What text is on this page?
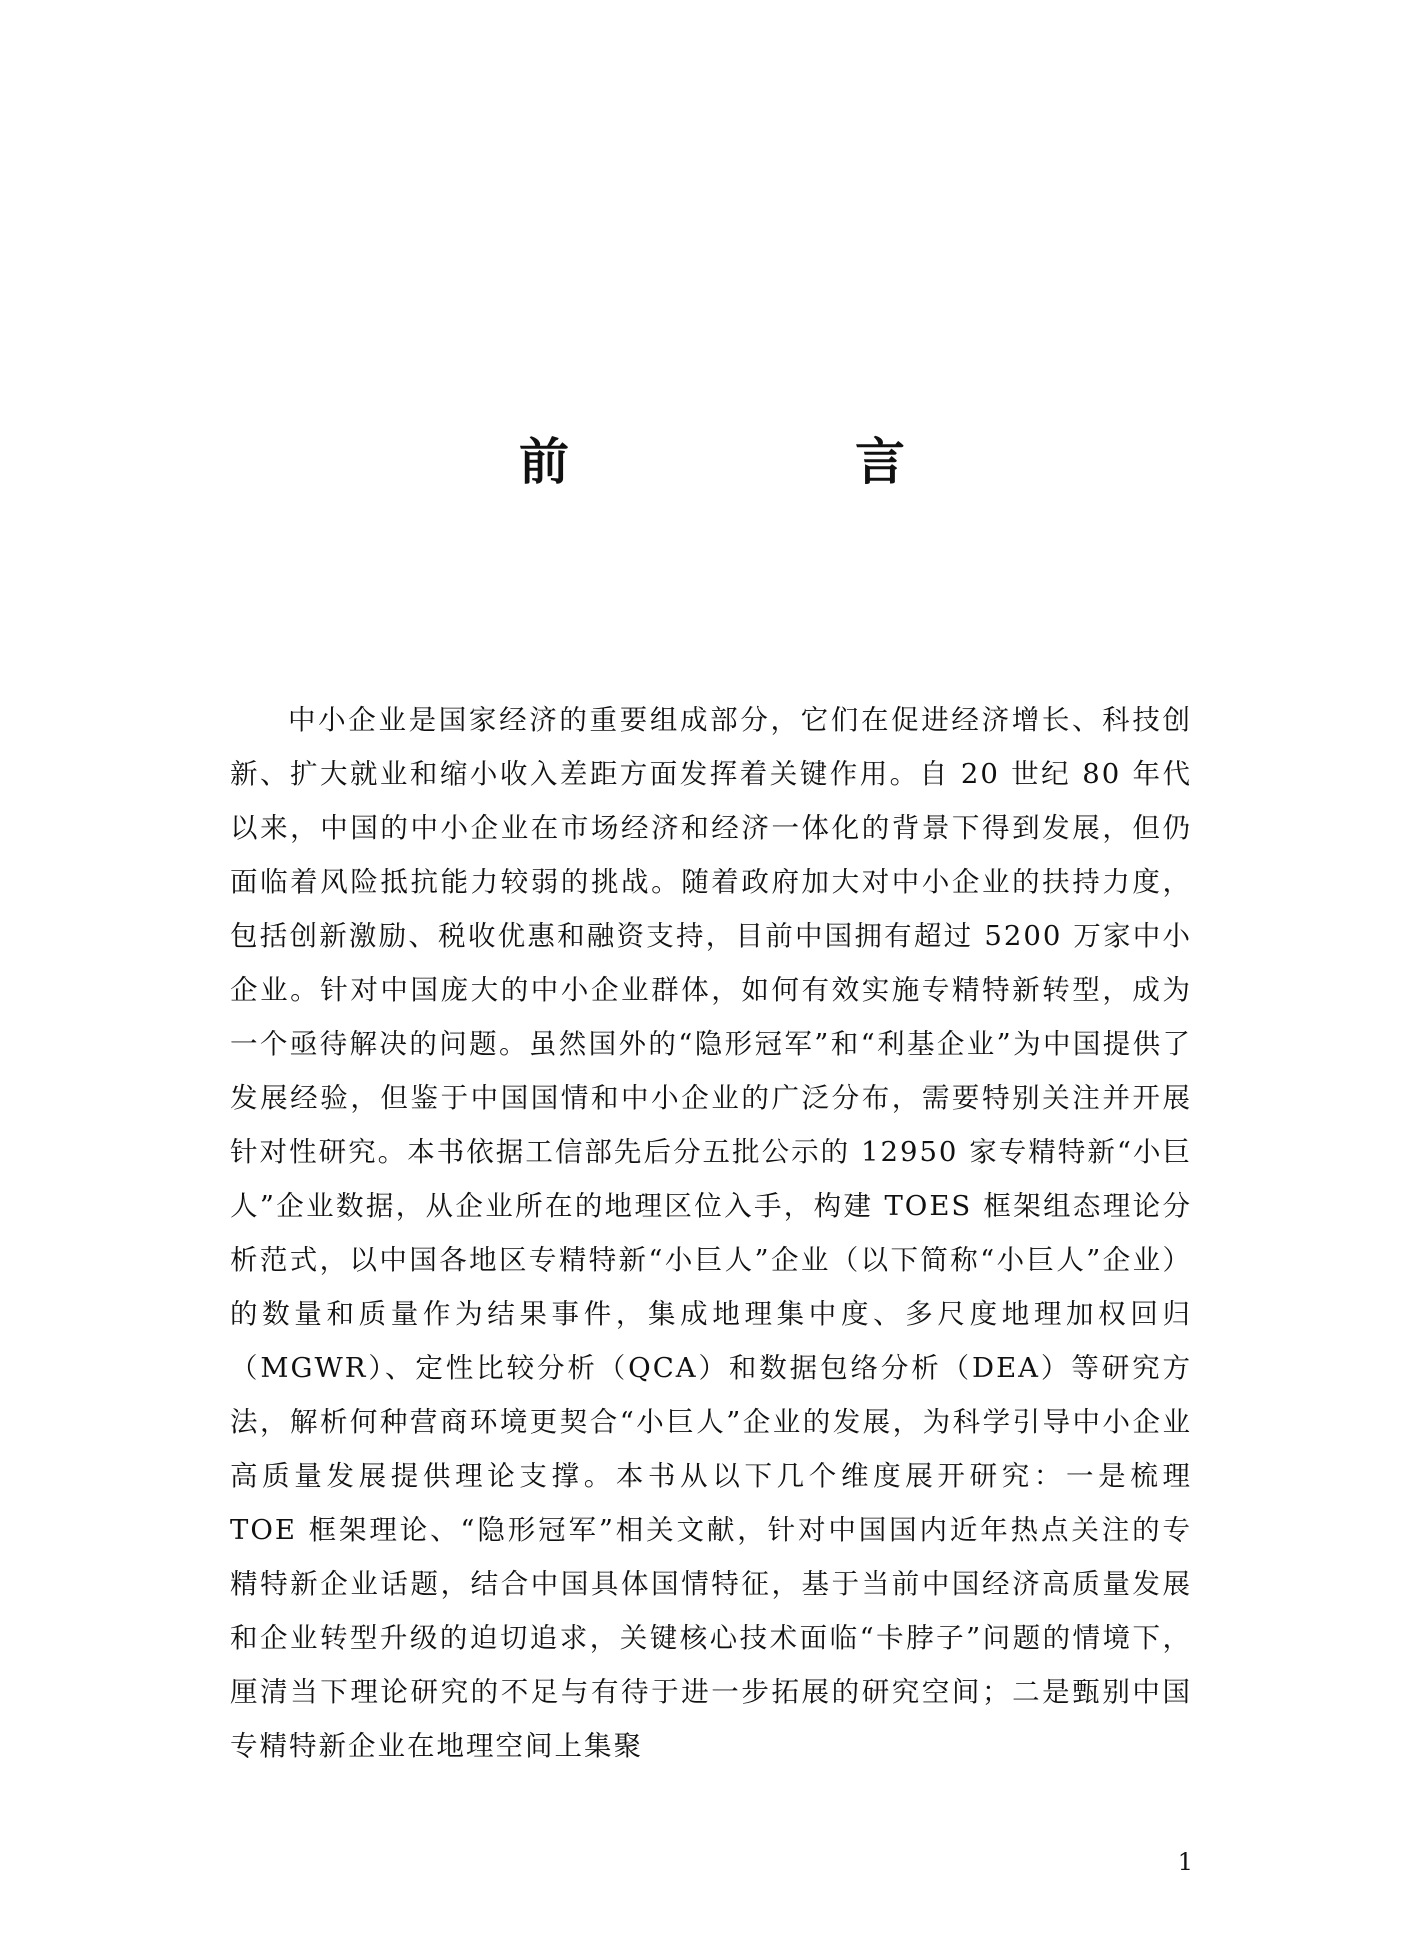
前　言

中小企业是国家经济的重要组成部分，它们在促进经济增长、科技创新、扩大就业和缩小收入差距方面发挥着关键作用。自 20 世纪 80 年代以来，中国的中小企业在市场经济和经济一体化的背景下得到发展，但仍面临着风险抵抗能力较弱的挑战。随着政府加大对中小企业的扶持力度，包括创新激励、税收优惠和融资支持，目前中国拥有超过 5200 万家中小企业。针对中国庞大的中小企业群体，如何有效实施专精特新转型，成为一个亟待解决的问题。虽然国外的“隐形冠军”和“利基企业”为中国提供了发展经验，但鉴于中国国情和中小企业的广泛分布，需要特别关注并开展针对性研究。本书依据工信部先后分五批公示的 12950 家专精特新“小巨人”企业数据，从企业所在的地理区位入手，构建 TOES 框架组态理论分析范式，以中国各地区专精特新“小巨人”企业（以下简称“小巨人”企业）的数量和质量作为结果事件，集成地理集中度、多尺度地理加权回归（MGWR）、定性比较分析（QCA）和数据包络分析（DEA）等研究方法，解析何种营商环境更契合“小巨人”企业的发展，为科学引导中小企业高质量发展提供理论支撑。本书从以下几个维度展开研究：一是梳理 TOE 框架理论、“隐形冠军”相关文献，针对中国国内近年热点关注的专精特新企业话题，结合中国具体国情特征，基于当前中国经济高质量发展和企业转型升级的迫切追求，关键核心技术面临“卡脖子”问题的情境下，厘清当下理论研究的不足与有待于进一步拓展的研究空间；二是甄别中国专精特新企业在地理空间上集聚

1
